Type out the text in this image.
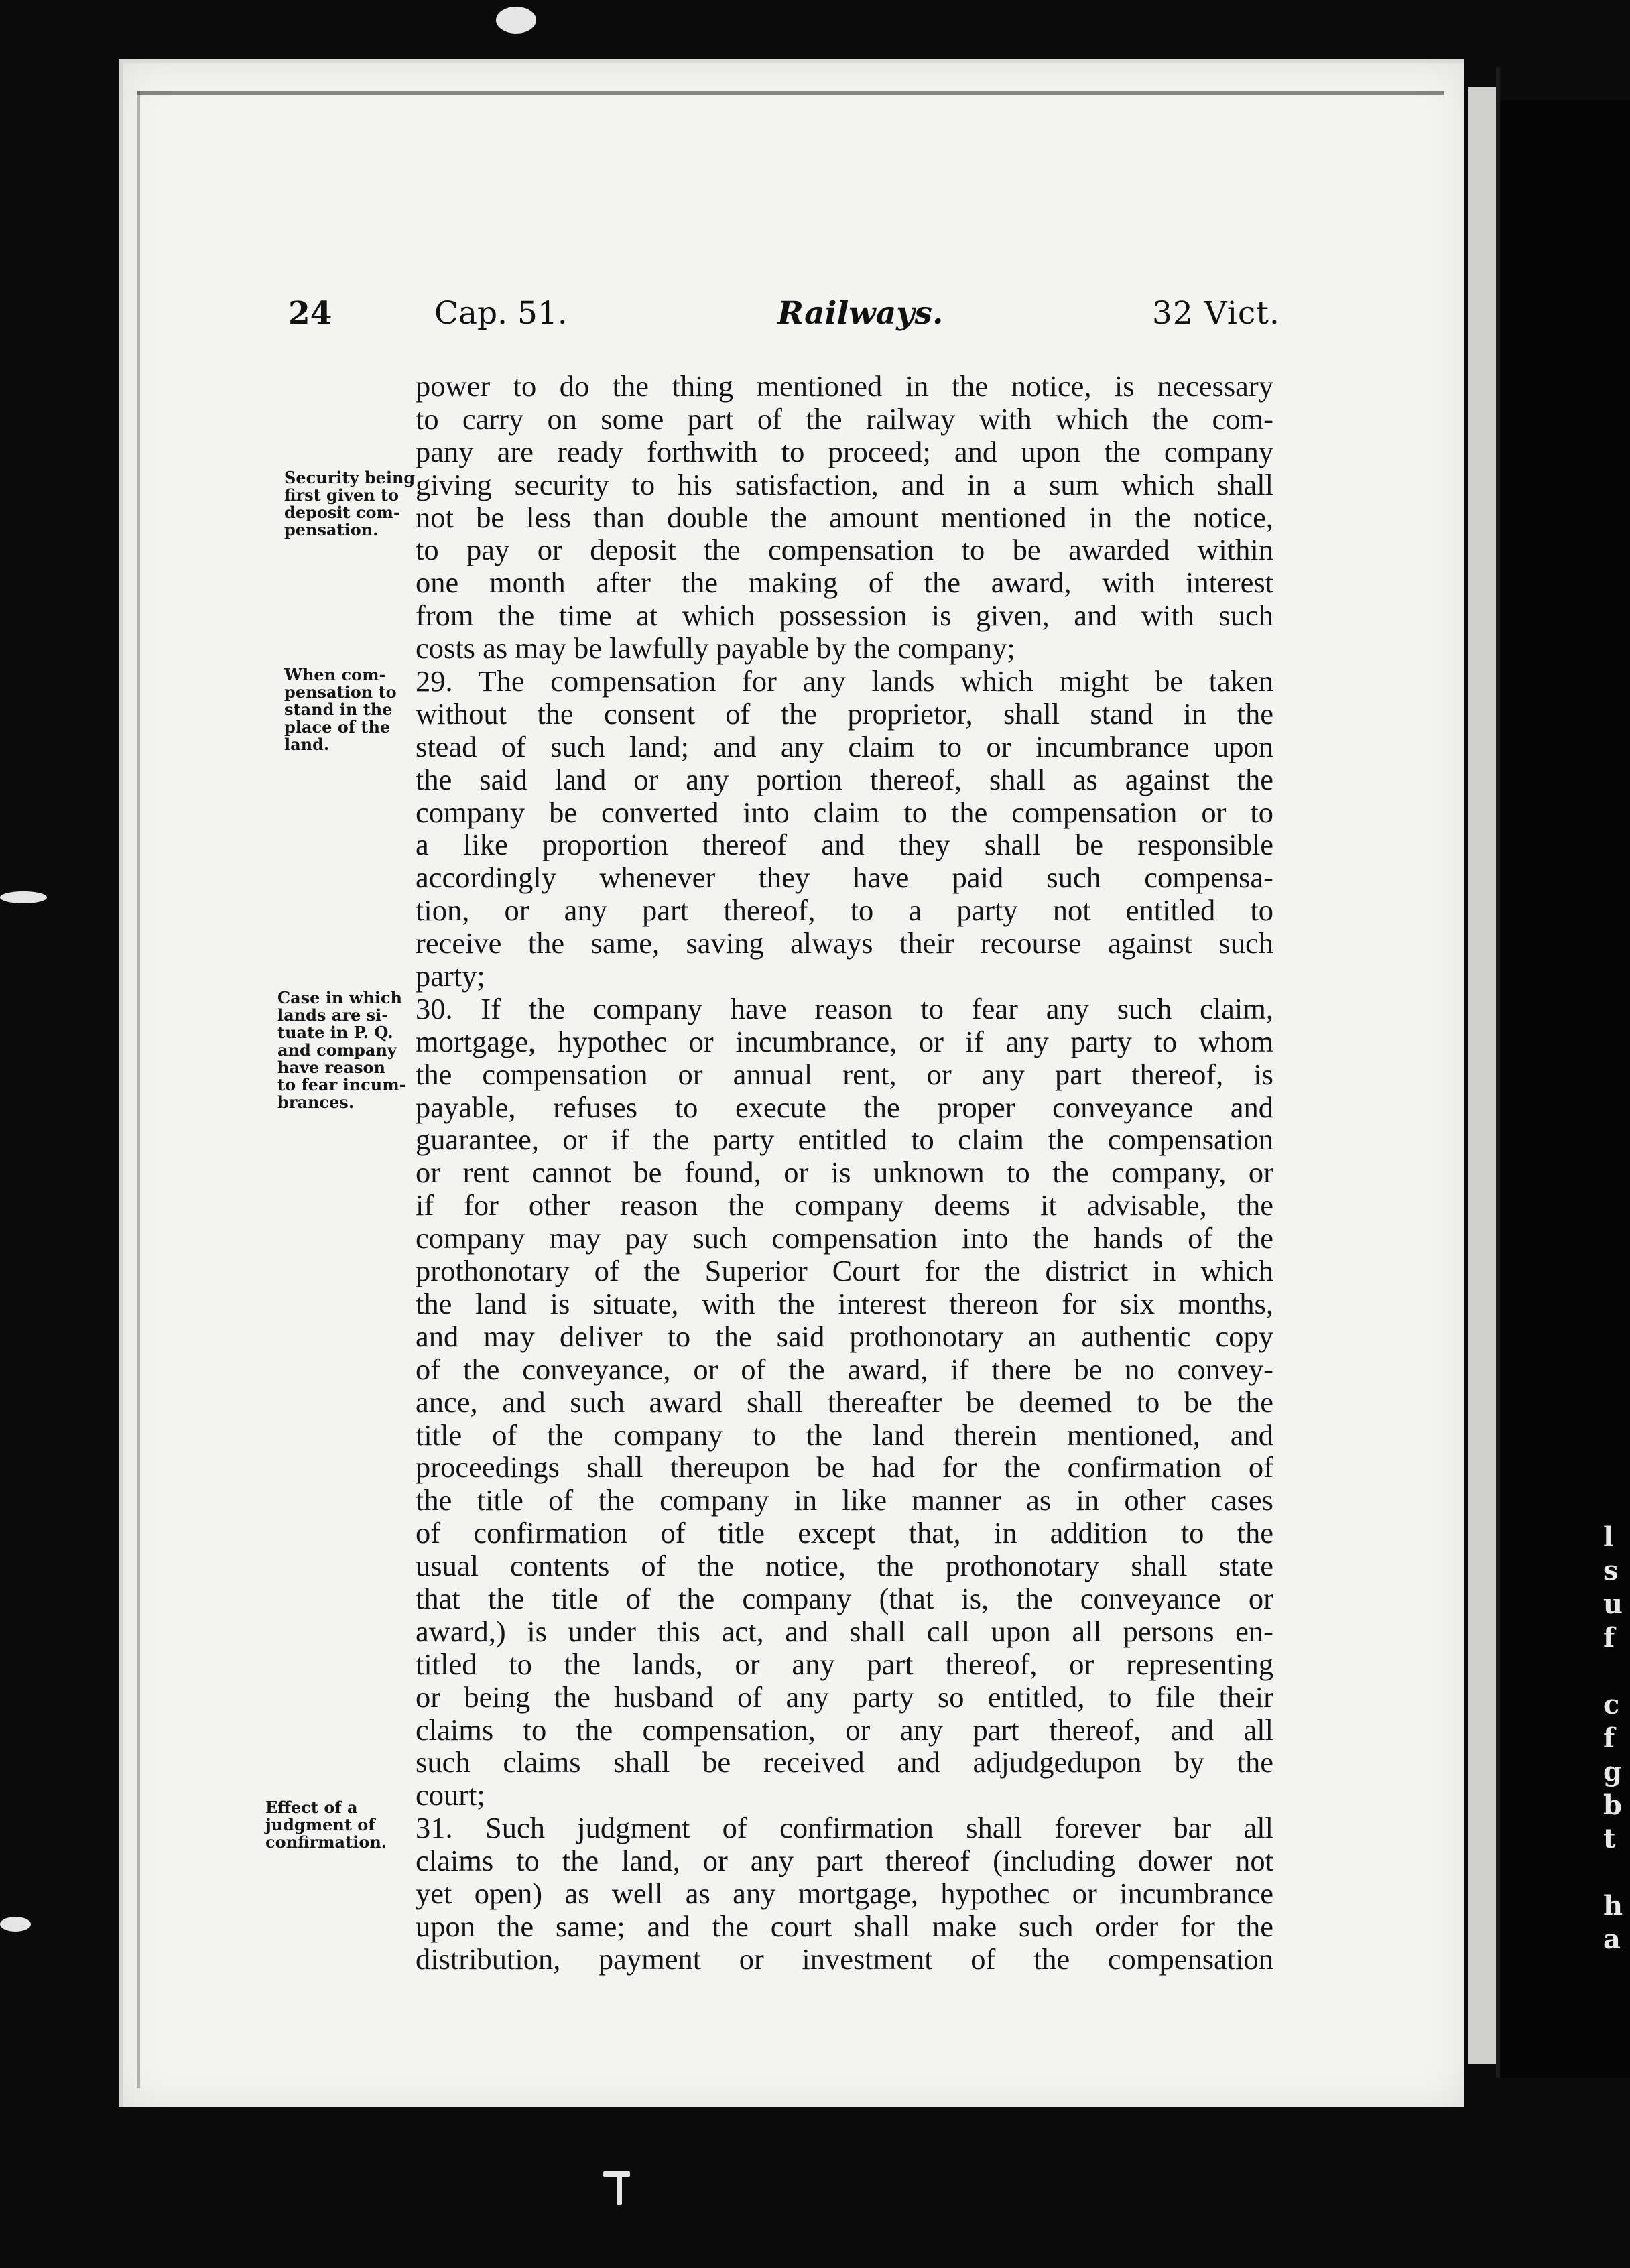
l
s
u
f
c
f
g
b
t
h
a
24	Cap. 51.	Railways.	32 Vict.
Security being
first given to
deposit com-
pensation.
When com-
pensation to
stand in the
place of the
land.
Case in which
lands are si-
tuate in P. Q.
and company
have reason
to fear incum-
brances.
Effect of a
judgment of
confirmation.
power to do the thing mentioned in the notice, is necessary
to carry on some part of the railway with which the com-
pany are ready forthwith to proceed; and upon the company
giving security to his satisfaction, and in a sum which shall
not be less than double the amount mentioned in the notice,
to pay or deposit the compensation to be awarded within
one month after the making of the award, with interest
from the time at which possession is given, and with such
costs as may be lawfully payable by the company;
29. The compensation for any lands which might be taken
without the consent of the proprietor, shall stand in the
stead of such land; and any claim to or incumbrance upon
the said land or any portion thereof, shall as against the
company be converted into claim to the compensation or to
a like proportion thereof and they shall be responsible
accordingly whenever they have paid such compensa-
tion, or any part thereof, to a party not entitled to
receive the same, saving always their recourse against such
party;
30. If the company have reason to fear any such claim,
mortgage, hypothec or incumbrance, or if any party to whom
the compensation or annual rent, or any part thereof, is
payable, refuses to execute the proper conveyance and
guarantee, or if the party entitled to claim the compensation
or rent cannot be found, or is unknown to the company, or
if for other reason the company deems it advisable, the
company may pay such compensation into the hands of the
prothonotary of the Superior Court for the district in which
the land is situate, with the interest thereon for six months,
and may deliver to the said prothonotary an authentic copy
of the conveyance, or of the award, if there be no convey-
ance, and such award shall thereafter be deemed to be the
title of the company to the land therein mentioned, and
proceedings shall thereupon be had for the confirmation of
the title of the company in like manner as in other cases
of confirmation of title except that, in addition to the
usual contents of the notice, the prothonotary shall state
that the title of the company (that is, the conveyance or
award,) is under this act, and shall call upon all persons en-
titled to the lands, or any part thereof, or representing
or being the husband of any party so entitled, to file their
claims to the compensation, or any part thereof, and all
such claims shall be received and adjudgedupon by the
court;
31. Such judgment of confirmation shall forever bar all
claims to the land, or any part thereof (including dower not
yet open) as well as any mortgage, hypothec or incumbrance
upon the same; and the court shall make such order for the
distribution, payment or investment of the compensation
